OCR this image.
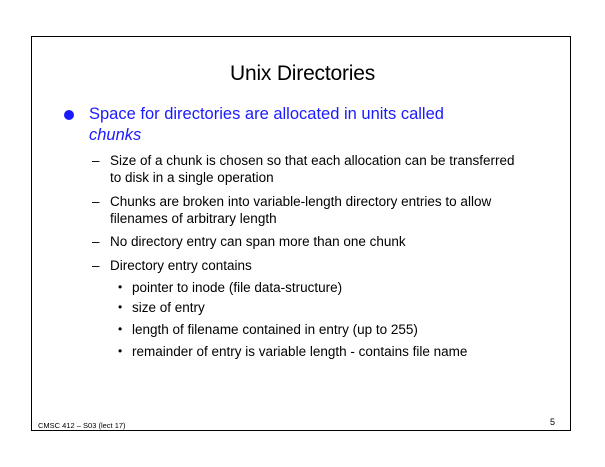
Unix Directories
Space for directories are allocated in units called
chunks
– Size of a chunk is chosen so that each allocation can be transferred to disk in a single operation
– Chunks are broken into variable-length directory entries to allow filenames of arbitrary length
– No directory entry can span more than one chunk
– Directory entry contains
• pointer to inode (file data-structure)
• size of entry
• length of filename contained in entry (up to 255)
• remainder of entry is variable length - contains file name
CMSC 412 – S03 (lect 17)	5
